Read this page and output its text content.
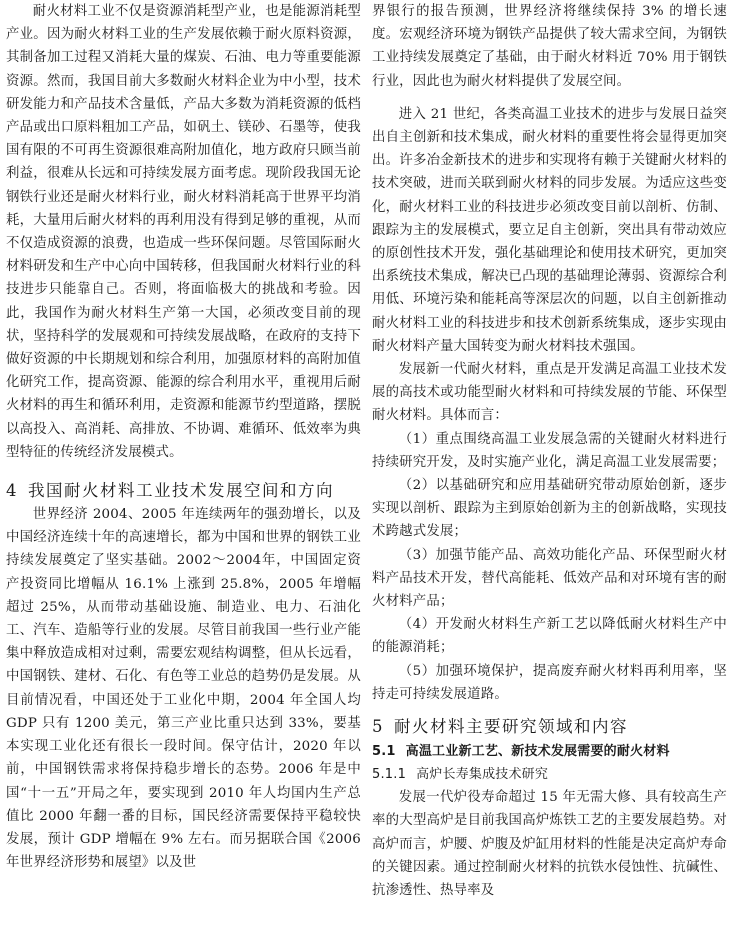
耐火材料工业不仅是资源消耗型产业，也是能源消耗型产业。因为耐火材料工业的生产发展依赖于耐火原料资源，其制备加工过程又消耗大量的煤炭、石油、电力等重要能源资源。然而，我国目前大多数耐火材料企业为中小型，技术研发能力和产品技术含量低，产品大多数为消耗资源的低档产品或出口原料粗加工产品，如矾土、镁砂、石墨等，使我国有限的不可再生资源很难高附加值化，地方政府只顾当前利益，很难从长远和可持续发展方面考虑。现阶段我国无论钢铁行业还是耐火材料行业，耐火材料消耗高于世界平均消耗，大量用后耐火材料的再利用没有得到足够的重视，从而不仅造成资源的浪费，也造成一些环保问题。尽管国际耐火材料研发和生产中心向中国转移，但我国耐火材料行业的科技进步只能靠自己。否则，将面临极大的挑战和考验。因此，我国作为耐火材料生产第一大国，必须改变目前的现状，坚持科学的发展观和可持续发展战略，在政府的支持下做好资源的中长期规划和综合利用，加强原材料的高附加值化研究工作，提高资源、能源的综合利用水平，重视用后耐火材料的再生和循环利用，走资源和能源节约型道路，摆脱以高投入、高消耗、高排放、不协调、难循环、低效率为典型特征的传统经济发展模式。

4 我国耐火材料工业技术发展空间和方向

世界经济 2004、2005 年连续两年的强劲增长，以及中国经济连续十年的高速增长，都为中国和世界的钢铁工业持续发展奠定了坚实基础。2002～2004年，中国固定资产投资同比增幅从 16.1% 上涨到 25.8%，2005 年增幅超过 25%，从而带动基础设施、制造业、电力、石油化工、汽车、造船等行业的发展。尽管目前我国一些行业产能集中释放造成相对过剩，需要宏观结构调整，但从长远看，中国钢铁、建材、石化、有色等工业总的趋势仍是发展。从目前情况看，中国还处于工业化中期，2004 年全国人均 GDP 只有 1200 美元，第三产业比重只达到 33%，要基本实现工业化还有很长一段时间。保守估计，2020 年以前，中国钢铁需求将保持稳步增长的态势。2006 年是中国“十一五”开局之年，要实现到 2010 年人均国内生产总值比 2000 年翻一番的目标，国民经济需要保持平稳较快发展，预计 GDP 增幅在 9% 左右。而另据联合国《2006 年世界经济形势和展望》以及世

界银行的报告预测，世界经济将继续保持 3% 的增长速度。宏观经济环境为钢铁产品提供了较大需求空间，为钢铁工业持续发展奠定了基础，由于耐火材料近 70% 用于钢铁行业，因此也为耐火材料提供了发展空间。

进入 21 世纪，各类高温工业技术的进步与发展日益突出自主创新和技术集成，耐火材料的重要性将会显得更加突出。许多冶金新技术的进步和实现将有赖于关键耐火材料的技术突破，进而关联到耐火材料的同步发展。为适应这些变化，耐火材料工业的科技进步必须改变目前以剖析、仿制、跟踪为主的发展模式，要立足自主创新，突出具有带动效应的原创性技术开发，强化基础理论和使用技术研究，更加突出系统技术集成，解决已凸现的基础理论薄弱、资源综合利用低、环境污染和能耗高等深层次的问题，以自主创新推动耐火材料工业的科技进步和技术创新系统集成，逐步实现由耐火材料产量大国转变为耐火材料技术强国。

发展新一代耐火材料，重点是开发满足高温工业技术发展的高技术或功能型耐火材料和可持续发展的节能、环保型耐火材料。具体而言：

（1）重点围绕高温工业发展急需的关键耐火材料进行持续研究开发，及时实施产业化，满足高温工业发展需要；

（2）以基础研究和应用基础研究带动原始创新，逐步实现以剖析、跟踪为主到原始创新为主的创新战略，实现技术跨越式发展；

（3）加强节能产品、高效功能化产品、环保型耐火材料产品技术开发，替代高能耗、低效产品和对环境有害的耐火材料产品；

（4）开发耐火材料生产新工艺以降低耐火材料生产中的能源消耗；

（5）加强环境保护，提高废弃耐火材料再利用率，坚持走可持续发展道路。

5 耐火材料主要研究领域和内容
5.1 高温工业新工艺、新技术发展需要的耐火材料
5.1.1 高炉长寿集成技术研究

发展一代炉役寿命超过 15 年无需大修、具有较高生产率的大型高炉是目前我国高炉炼铁工艺的主要发展趋势。对高炉而言，炉腰、炉腹及炉缸用材料的性能是决定高炉寿命的关键因素。通过控制耐火材料的抗铁水侵蚀性、抗碱性、抗渗透性、热导率及
